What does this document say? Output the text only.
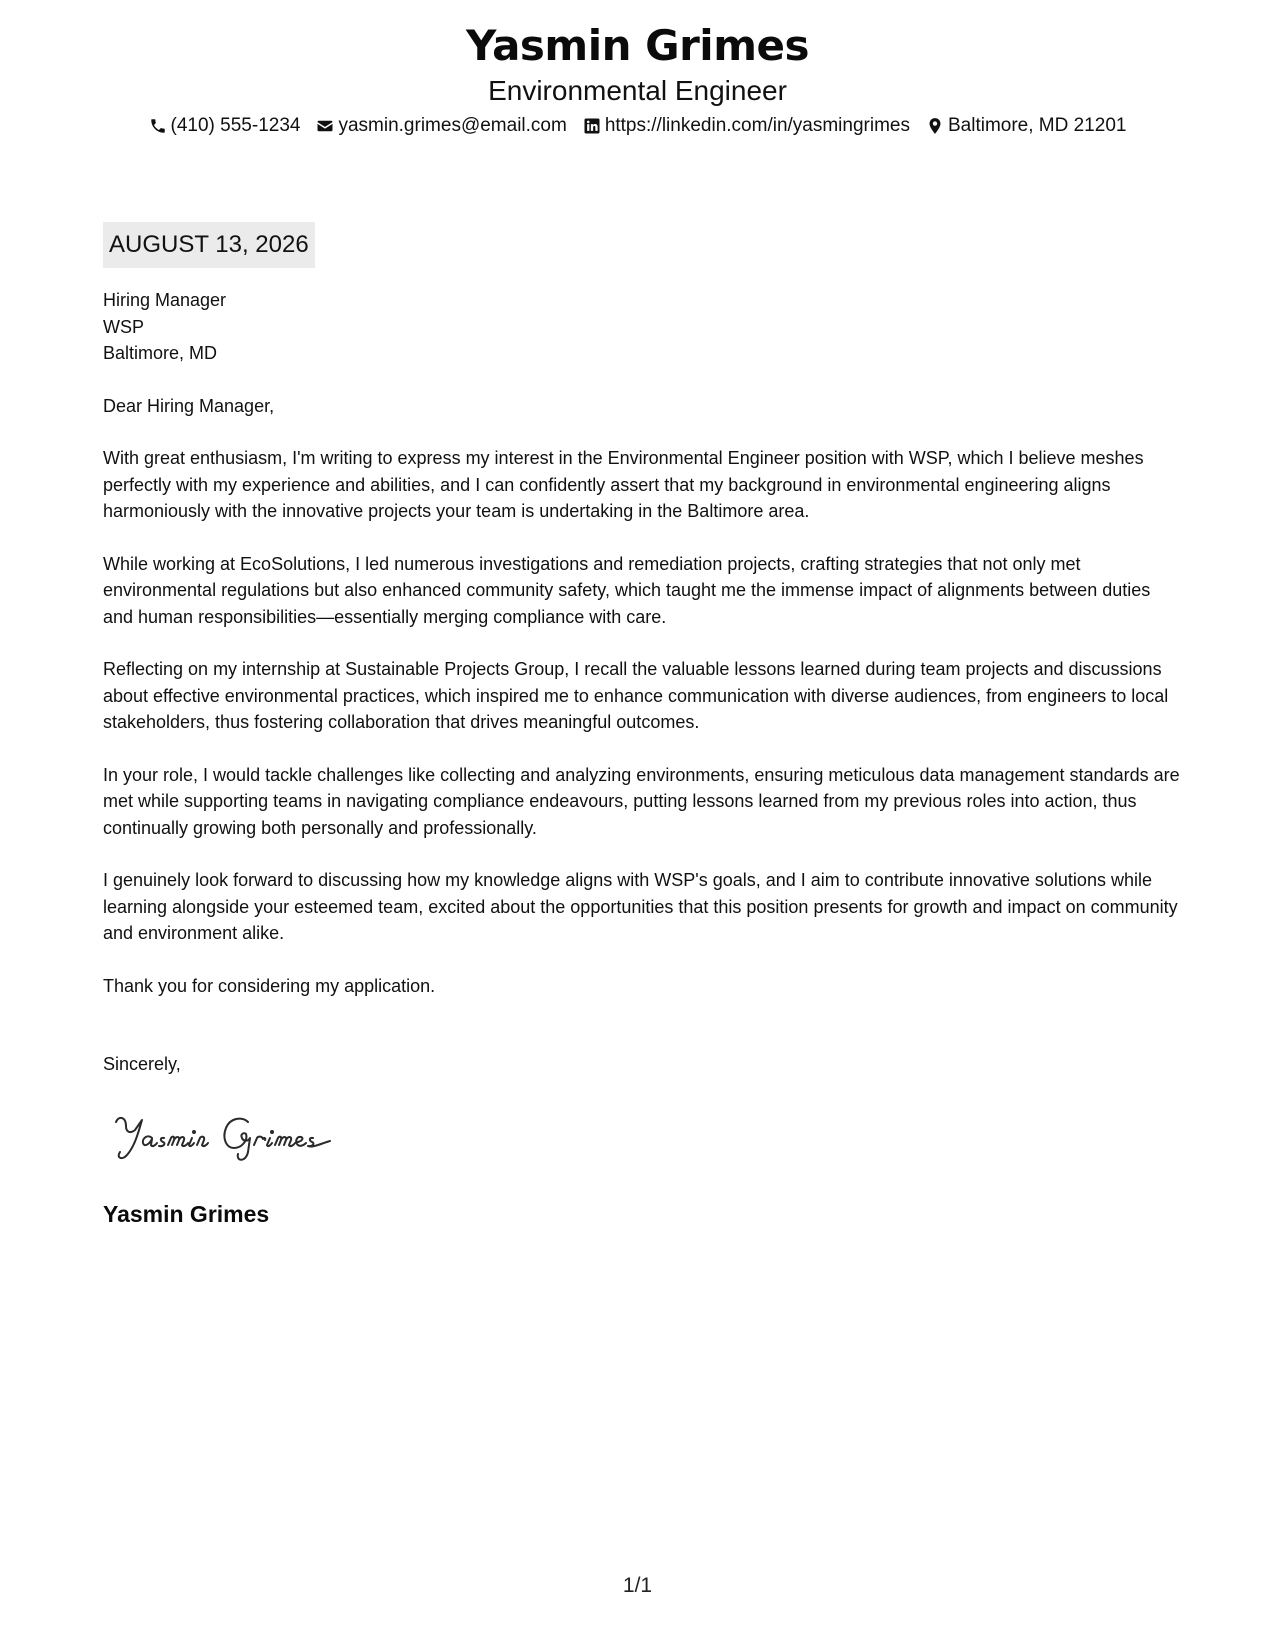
Yasmin Grimes
Environmental Engineer
(410) 555-1234 yasmin.grimes@email.com https://linkedin.com/in/yasmingrimes Baltimore, MD 21201
AUGUST 13, 2026
Hiring Manager
WSP
Baltimore, MD

Dear Hiring Manager,

With great enthusiasm, I'm writing to express my interest in the Environmental Engineer position with WSP, which I believe meshes perfectly with my experience and abilities, and I can confidently assert that my background in environmental engineering aligns harmoniously with the innovative projects your team is undertaking in the Baltimore area.

While working at EcoSolutions, I led numerous investigations and remediation projects, crafting strategies that not only met environmental regulations but also enhanced community safety, which taught me the immense impact of alignments between duties and human responsibilities—essentially merging compliance with care.

Reflecting on my internship at Sustainable Projects Group, I recall the valuable lessons learned during team projects and discussions about effective environmental practices, which inspired me to enhance communication with diverse audiences, from engineers to local stakeholders, thus fostering collaboration that drives meaningful outcomes.

In your role, I would tackle challenges like collecting and analyzing environments, ensuring meticulous data management standards are met while supporting teams in navigating compliance endeavours, putting lessons learned from my previous roles into action, thus continually growing both personally and professionally.

I genuinely look forward to discussing how my knowledge aligns with WSP's goals, and I aim to contribute innovative solutions while learning alongside your esteemed team, excited about the opportunities that this position presents for growth and impact on community and environment alike.

Thank you for considering my application.

Sincerely,

Yasmin Grimes
1/1
